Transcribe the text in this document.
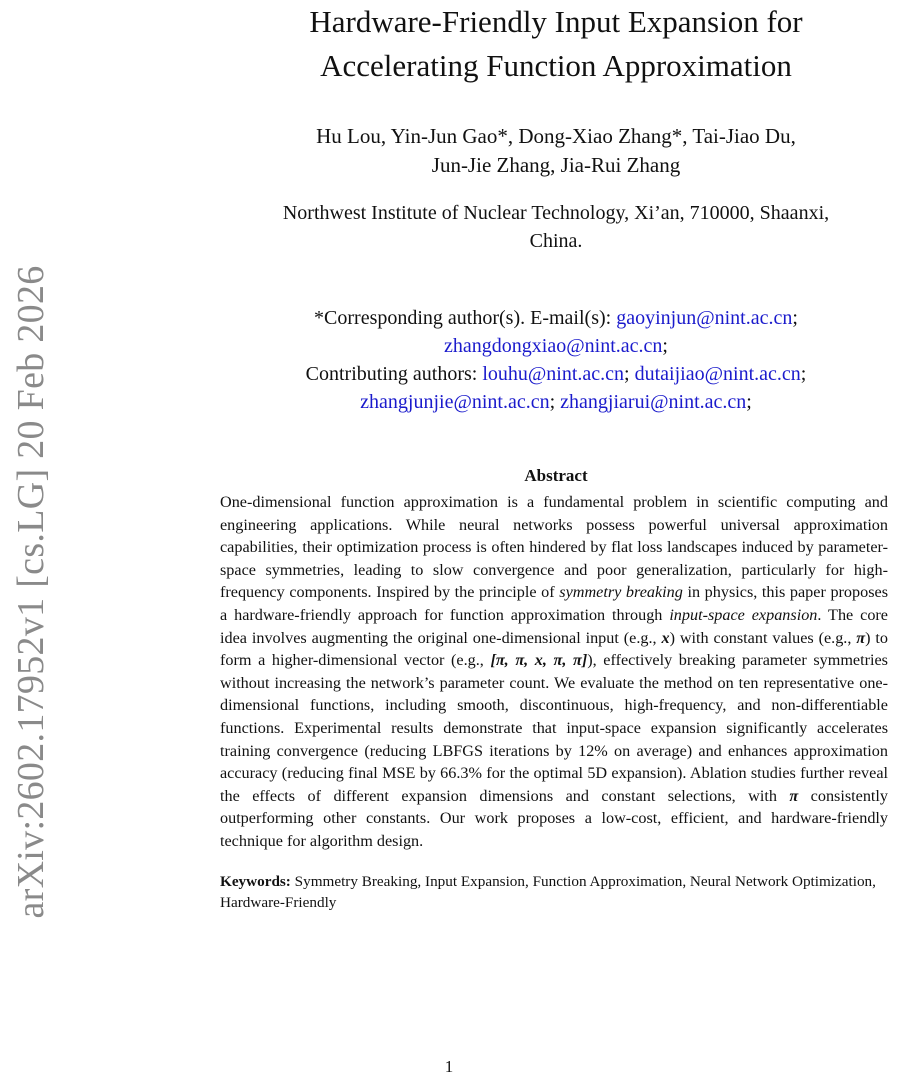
arXiv:2602.17952v1 [cs.LG] 20 Feb 2026
Hardware-Friendly Input Expansion for
Accelerating Function Approximation
Hu Lou, Yin-Jun Gao*, Dong-Xiao Zhang*, Tai-Jiao Du,
Jun-Jie Zhang, Jia-Rui Zhang
Northwest Institute of Nuclear Technology, Xi’an, 710000, Shaanxi,
China.
*Corresponding author(s). E-mail(s): gaoyinjun@nint.ac.cn;
zhangdongxiao@nint.ac.cn;
Contributing authors: louhu@nint.ac.cn; dutaijiao@nint.ac.cn;
zhangjunjie@nint.ac.cn; zhangjiarui@nint.ac.cn;
Abstract

One-dimensional function approximation is a fundamental problem in scientific computing and engineering applications. While neural networks possess powerful universal approximation capabilities, their optimization process is often hindered by flat loss landscapes induced by parameter-space symmetries, leading to slow convergence and poor generalization, particularly for high-frequency components. Inspired by the principle of symmetry breaking in physics, this paper proposes a hardware-friendly approach for function approximation through input-space expansion. The core idea involves augmenting the original one-dimensional input (e.g., x) with constant values (e.g., π) to form a higher-dimensional vector (e.g., [π, π, x, π, π]), effectively breaking parameter symmetries without increasing the network’s parameter count. We evaluate the method on ten representative one-dimensional functions, including smooth, discontinuous, high-frequency, and non-differentiable functions. Experimental results demonstrate that input-space expansion significantly accelerates training convergence (reducing LBFGS iterations by 12% on average) and enhances approximation accuracy (reducing final MSE by 66.3% for the optimal 5D expansion). Ablation studies further reveal the effects of different expansion dimensions and constant selections, with π consistently outperforming other constants. Our work proposes a low-cost, efficient, and hardware-friendly technique for algorithm design.

Keywords: Symmetry Breaking, Input Expansion, Function Approximation, Neural Network Optimization, Hardware-Friendly

1
